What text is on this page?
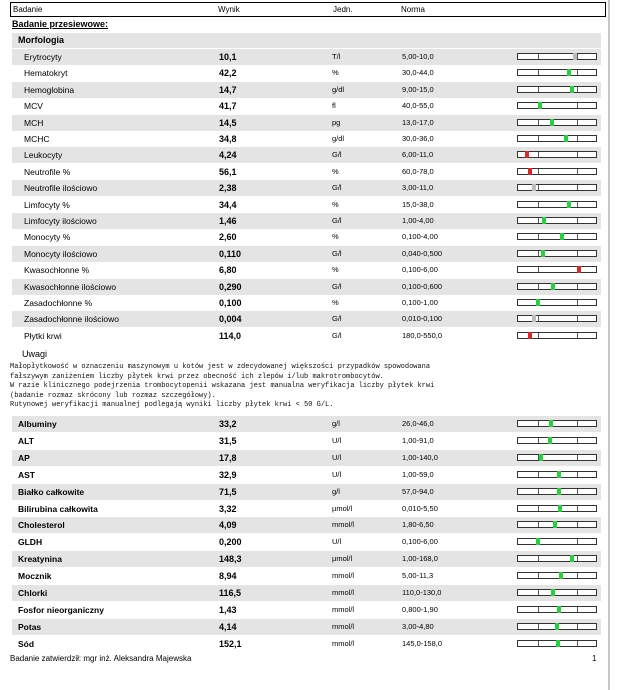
Badanie	Wynik	Jedn.	Norma
Badanie przesiewowe:
Morfologia
Erytrocyty	10,1	T/l	5,00-10,0
Hematokryt	42,2	%	30,0-44,0
Hemoglobina	14,7	g/dl	9,00-15,0
MCV	41,7	fl	40,0-55,0
MCH	14,5	pg	13,0-17,0
MCHC	34,8	g/dl	30,0-36,0
Leukocyty	4,24	G/l	6,00-11,0
Neutrofile %	56,1	%	60,0-78,0
Neutrofile ilościowo	2,38	G/l	3,00-11,0
Limfocyty %	34,4	%	15,0-38,0
Limfocyty ilościowo	1,46	G/l	1,00-4,00
Monocyty %	2,60	%	0,100-4,00
Monocyty ilościowo	0,110	G/l	0,040-0,500
Kwasochłonne %	6,80	%	0,100-6,00
Kwasochłonne ilościowo	0,290	G/l	0,100-0,600
Zasadochłonne %	0,100	%	0,100-1,00
Zasadochłonne ilościowo	0,004	G/l	0,010-0,100
Płytki krwi	114,0	G/l	180,0-550,0
Uwagi
Małopłytkowość w oznaczeniu maszynowym u kotów jest w zdecydowanej większości przypadków spowodowana
fałszywym zaniżeniem liczby płytek krwi przez obecność ich zlepów i/lub makrotrombocytów.
W razie klinicznego podejrzenia trombocytopenii wskazana jest manualna weryfikacja liczby płytek krwi
(badanie rozmaz skrócony lub rozmaz szczegółowy).
Rutynowej weryfikacji manualnej podlegają wyniki liczby płytek krwi < 50 G/L.
Albuminy	33,2	g/l	26,0-46,0
ALT	31,5	U/l	1,00-91,0
AP	17,8	U/l	1,00-140,0
AST	32,9	U/l	1,00-59,0
Białko całkowite	71,5	g/l	57,0-94,0
Bilirubina całkowita	3,32	µmol/l	0,010-5,50
Cholesterol	4,09	mmol/l	1,80-6,50
GLDH	0,200	U/l	0,100-6,00
Kreatynina	148,3	µmol/l	1,00-168,0
Mocznik	8,94	mmol/l	5,00-11,3
Chlorki	116,5	mmol/l	110,0-130,0
Fosfor nieorganiczny	1,43	mmol/l	0,800-1,90
Potas	4,14	mmol/l	3,00-4,80
Sód	152,1	mmol/l	145,0-158,0
Badanie zatwierdził: mgr inż. Aleksandra Majewska	1
